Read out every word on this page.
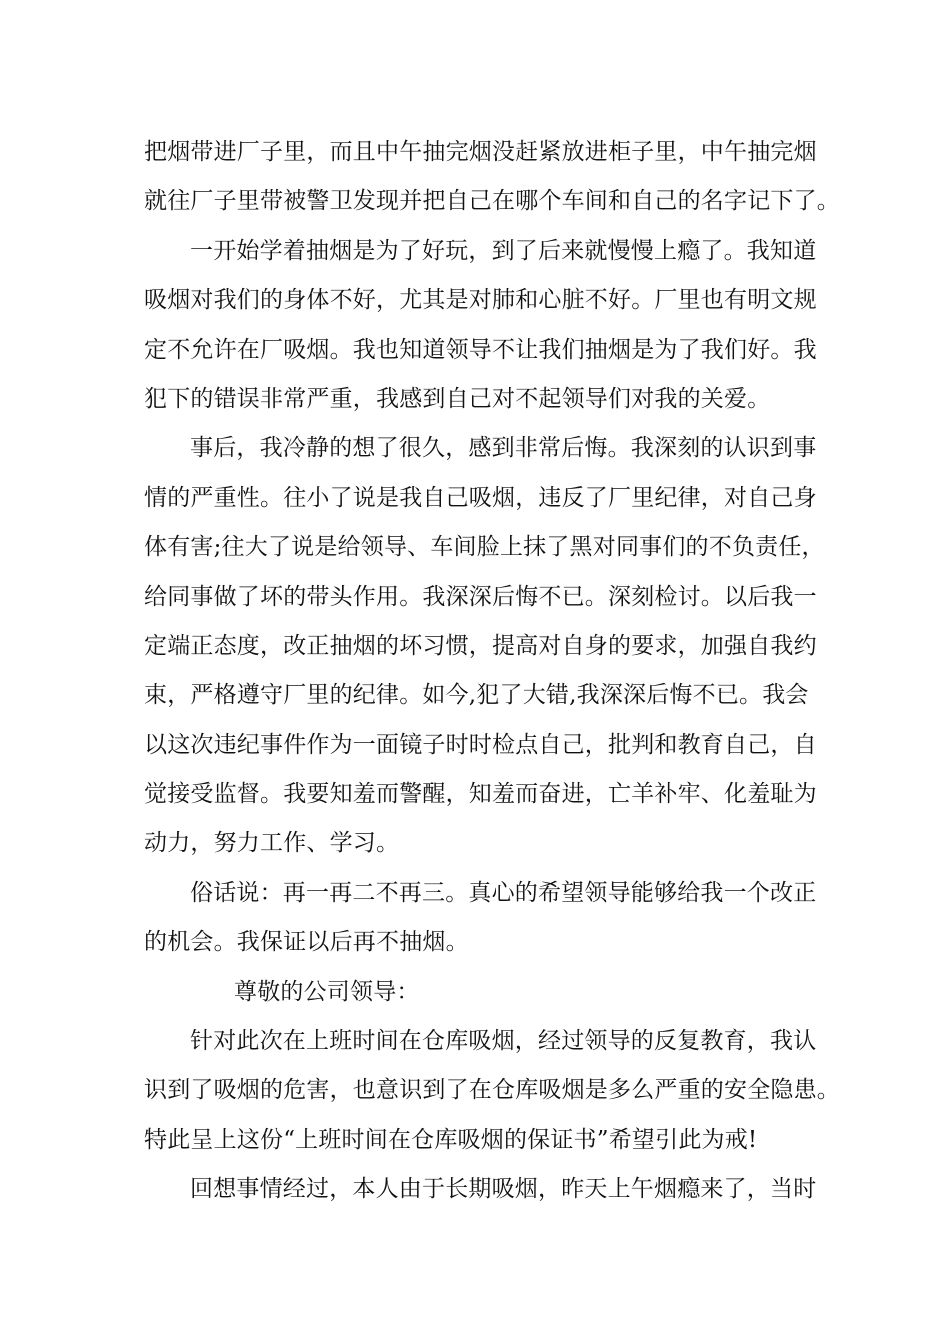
把烟带进厂子里，而且中午抽完烟没赶紧放进柜子里，中午抽完烟
就往厂子里带被警卫发现并把自己在哪个车间和自己的名字记下了。
一开始学着抽烟是为了好玩，到了后来就慢慢上瘾了。我知道
吸烟对我们的身体不好，尤其是对肺和心脏不好。厂里也有明文规
定不允许在厂吸烟。我也知道领导不让我们抽烟是为了我们好。我
犯下的错误非常严重，我感到自己对不起领导们对我的关爱。
事后，我冷静的想了很久，感到非常后悔。我深刻的认识到事
情的严重性。往小了说是我自己吸烟，违反了厂里纪律，对自己身
体有害;往大了说是给领导、车间脸上抹了黑对同事们的不负责任，
给同事做了坏的带头作用。我深深后悔不已。深刻检讨。以后我一
定端正态度，改正抽烟的坏习惯，提高对自身的要求，加强自我约
束，严格遵守厂里的纪律。如今,犯了大错,我深深后悔不已。我会
以这次违纪事件作为一面镜子时时检点自己，批判和教育自己，自
觉接受监督。我要知羞而警醒，知羞而奋进，亡羊补牢、化羞耻为
动力，努力工作、学习。
俗话说：再一再二不再三。真心的希望领导能够给我一个改正
的机会。我保证以后再不抽烟。
尊敬的公司领导：
针对此次在上班时间在仓库吸烟，经过领导的反复教育，我认
识到了吸烟的危害，也意识到了在仓库吸烟是多么严重的安全隐患。
特此呈上这份“上班时间在仓库吸烟的保证书”希望引此为戒!
回想事情经过，本人由于长期吸烟，昨天上午烟瘾来了，当时
